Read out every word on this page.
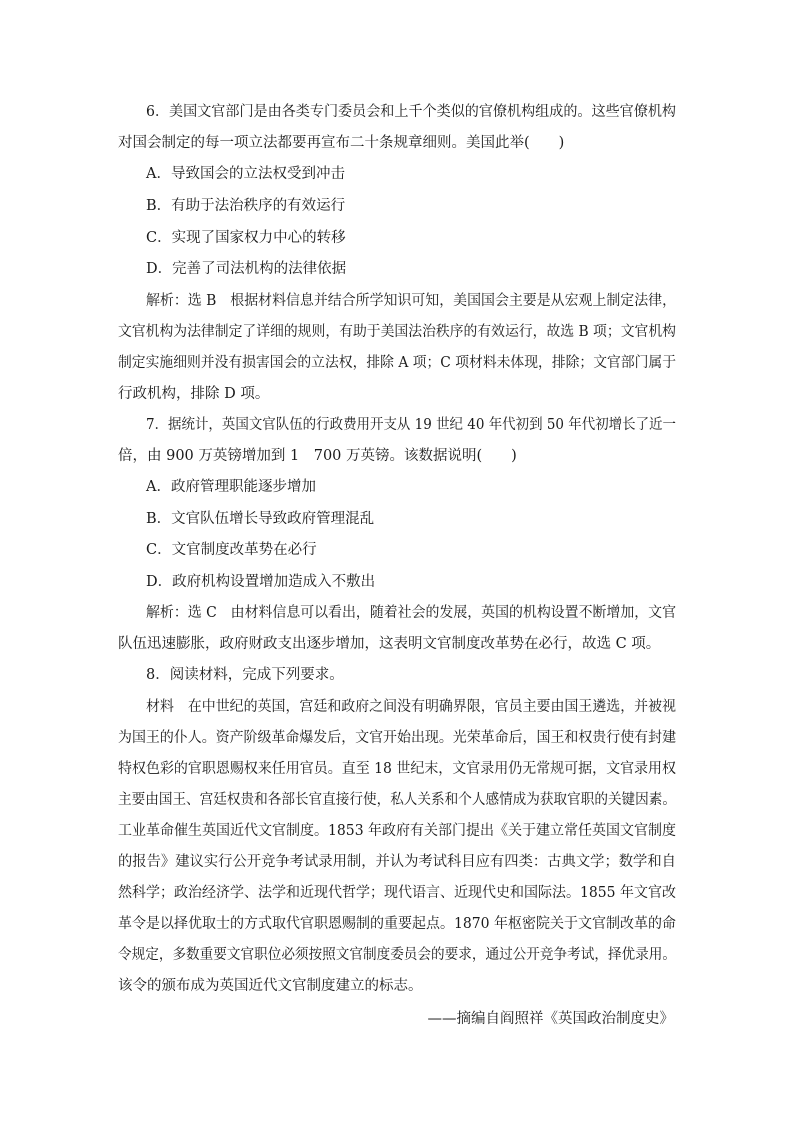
6．美国文官部门是由各类专门委员会和上千个类似的官僚机构组成的。这些官僚机构
对国会制定的每一项立法都要再宣布二十条规章细则。美国此举(　　)
A．导致国会的立法权受到冲击
B．有助于法治秩序的有效运行
C．实现了国家权力中心的转移
D．完善了司法机构的法律依据
解析：选 B　根据材料信息并结合所学知识可知，美国国会主要是从宏观上制定法律，
文官机构为法律制定了详细的规则，有助于美国法治秩序的有效运行，故选 B 项；文官机构
制定实施细则并没有损害国会的立法权，排除 A 项；C 项材料未体现，排除；文官部门属于
行政机构，排除 D 项。
7．据统计，英国文官队伍的行政费用开支从 19 世纪 40 年代初到 50 年代初增长了近一
倍，由 900 万英镑增加到 1　700 万英镑。该数据说明(　　)
A．政府管理职能逐步增加
B．文官队伍增长导致政府管理混乱
C．文官制度改革势在必行
D．政府机构设置增加造成入不敷出
解析：选 C　由材料信息可以看出，随着社会的发展，英国的机构设置不断增加，文官
队伍迅速膨胀，政府财政支出逐步增加，这表明文官制度改革势在必行，故选 C 项。
8．阅读材料，完成下列要求。
材料　在中世纪的英国，宫廷和政府之间没有明确界限，官员主要由国王遴选，并被视
为国王的仆人。资产阶级革命爆发后，文官开始出现。光荣革命后，国王和权贵行使有封建
特权色彩的官职恩赐权来任用官员。直至 18 世纪末，文官录用仍无常规可据，文官录用权
主要由国王、宫廷权贵和各部长官直接行使，私人关系和个人感情成为获取官职的关键因素。
工业革命催生英国近代文官制度。1853 年政府有关部门提出《关于建立常任英国文官制度
的报告》建议实行公开竞争考试录用制，并认为考试科目应有四类：古典文学；数学和自
然科学；政治经济学、法学和近现代哲学；现代语言、近现代史和国际法。1855 年文官改
革令是以择优取士的方式取代官职恩赐制的重要起点。1870 年枢密院关于文官制改革的命
令规定，多数重要文官职位必须按照文官制度委员会的要求，通过公开竞争考试，择优录用。
该令的颁布成为英国近代文官制度建立的标志。
——摘编自阎照祥《英国政治制度史》
